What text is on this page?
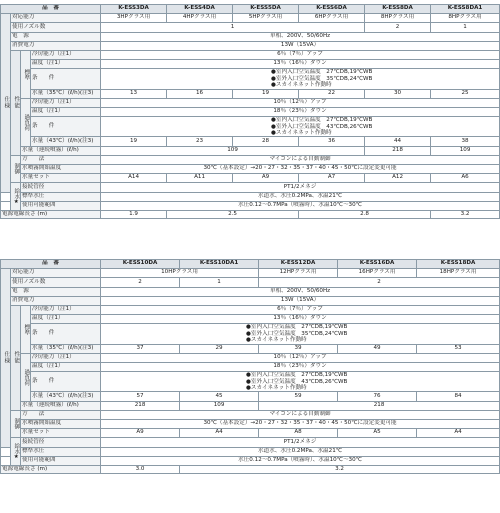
品　番				K-ESS3DA	K-ESS4DA	K-ESS5DA	K-ESS6DA	K-ESS8DA	K-ESS8DA1
仕様	対応能力			3HPクラス用	4HPクラス用	5HPクラス用	6HPクラス用	8HPクラス用	8HPクラス用
	使用ノズル数			1				2	1
	電　源			単相、200V、50/60Hz					
	消費電力			13W（15VA）					
	性能	標準	冷房能力（注1）	6％（7％）アップ					
			温度（注1）	13％（16％）ダウン					
			条　　件	●室内入口空気温度　27℃DB,19℃WB
●室外入口空気温度　35℃DB,24℃WB
●スカイネネット作動時					
			水量（35℃）(ℓ/h)(注3)	13	16	19	22	30	25
		過負荷	冷房能力（注1）	10％（12％）アップ					
			温度（注1）	18％（23％）ダウン					
			条　　件	●室内入口空気温度　27℃DB,19℃WB
●室外入口空気温度　43℃DB,26℃WB
●スカイネネット作動時					
			水量（43℃）(ℓ/h)(注3)	19	23	28	36	44	38
		水量（連続噴霧）(ℓ/h)		109				218	109
	制御	方　　法		マイコンによる自動制御					
		水噴霧開始温度		30℃（基本設定）→20・27・32・35・37・40・45・50℃に設定変更可能					
		水量セット		A14	A11	A9	A7	A12	A6
	給水★	接続管径		PT1/2メネジ					
		標準水圧		水道水、水圧0.2MPa、水温21℃					
		使用可能範囲		水圧0.12〜0.7MPa（噴霧時）、水温10℃〜30℃					
電源電線長さ (m)				1.9	2.5		2.8		3.2
品　番				K-ESS10DA	K-ESS10DA1	K-ESS12DA	K-ESS16DA	K-ESS18DA
仕様	対応能力			10HPクラス用		12HPクラス用	16HPクラス用	18HPクラス用
	使用ノズル数			2	1	2		
	電　源			単相、200V、50/60Hz				
	消費電力			13W（15VA）				
	性能	標準	冷房能力（注1）	6％（7％）アップ				
			温度（注1）	13％（16％）ダウン				
			条　　件	●室内入口空気温度　27℃DB,19℃WB
●室外入口空気温度　35℃DB,24℃WB
●スカイネネット作動時				
			水量（35℃）(ℓ/h)(注3)	37	29	39	49	53
		過負荷	冷房能力（注1）	10％（12％）アップ				
			温度（注1）	18％（23％）ダウン				
			条　　件	●室内入口空気温度　27℃DB,19℃WB
●室外入口空気温度　43℃DB,26℃WB
●スカイネネット作動時				
			水量（43℃）(ℓ/h)(注3)	57	45	59	76	84
		水量（連続噴霧）(ℓ/h)		218	109	218		
	制御	方　　法		マイコンによる自動制御				
		水噴霧開始温度		30℃（基本設定）→20・27・32・35・37・40・45・50℃に設定変更可能				
		水量セット		A9	A4	A8	A5	A4
	給水★	接続管径		PT1/2メネジ				
		標準水圧		水道水、水圧0.2MPa、水温21℃				
		使用可能範囲		水圧0.12〜0.7MPa（噴霧時）、水温10℃〜30℃				
電源電線長さ (m)				3.0	3.2			
